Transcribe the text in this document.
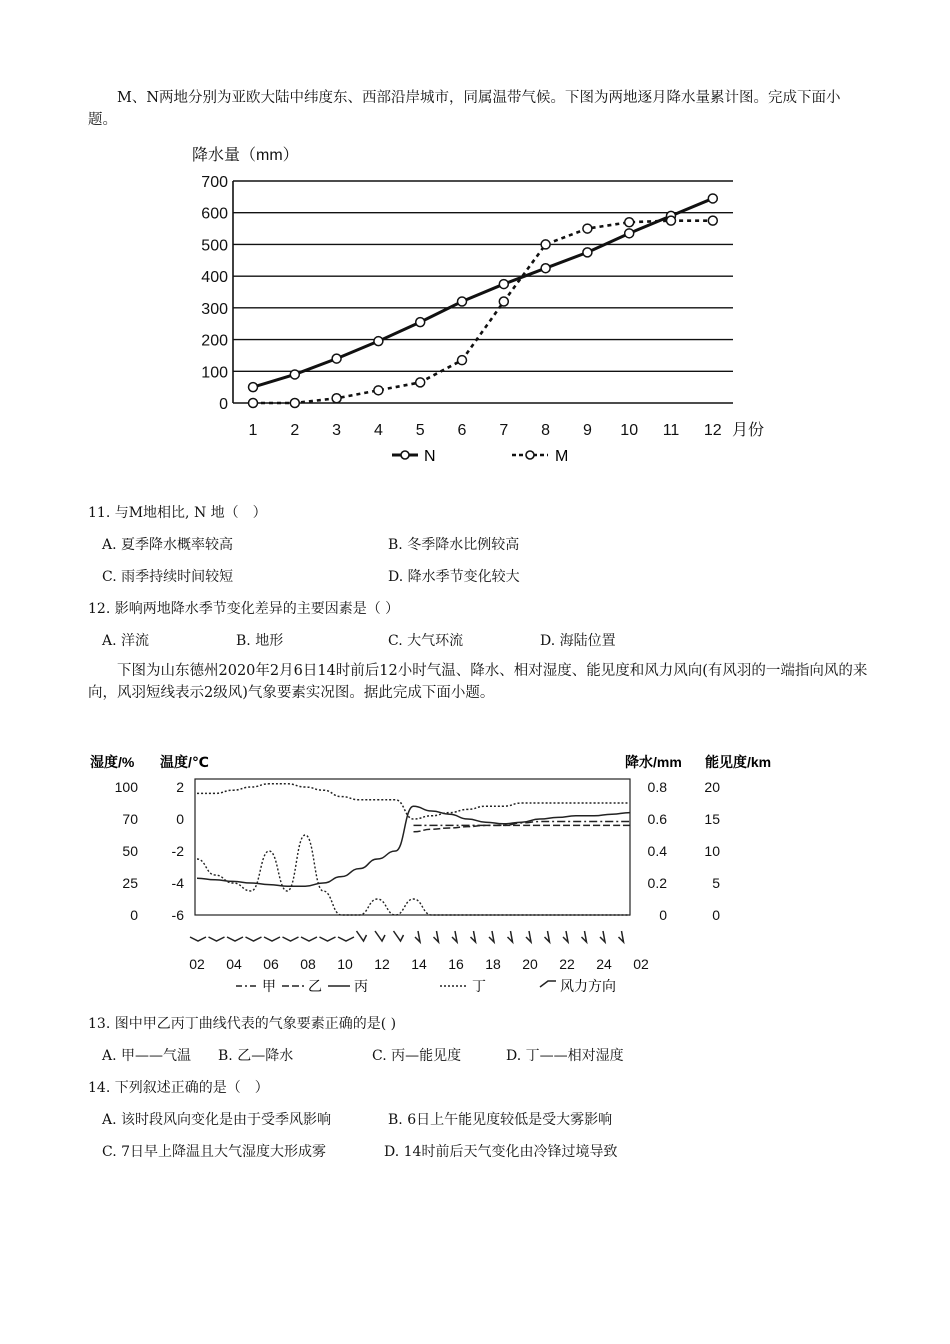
M、N两地分别为亚欧大陆中纬度东、西部沿岸城市，同属温带气候。下图为两地逐月降水量累计图。完成下面小题。
降水量（mm）
0
100
200
300
400
500
600
700
1 2 3 4 5 6 7 8 9 10 11 12 月份
N	M
11. 与M地相比, N 地（　）
A. 夏季降水概率较高	B. 冬季降水比例较高
C. 雨季持续时间较短	D. 降水季节变化较大
12. 影响两地降水季节变化差异的主要因素是（ ）
A. 洋流	B. 地形	C. 大气环流	D. 海陆位置
下图为山东德州2020年2月6日14时前后12小时气温、降水、相对湿度、能见度和风力风向(有风羽的一端指向风的来向，风羽短线表示2级风)气象要素实况图。据此完成下面小题。
湿度/% 温度/℃	降水/mm 能见度/km
100
70
50
25
0
2
0
-2
-4
-6
0.8
0.6
0.4
0.2
0
20
15
10
5
0
02 04 06 08 10 12 14 16 18 20 22 24 02
甲 乙 丙	丁	风力方向
13. 图中甲乙丙丁曲线代表的气象要素正确的是( )
A. 甲——气温 B. 乙—降水	C. 丙—能见度	D. 丁——相对湿度
14. 下列叙述正确的是（　）
A. 该时段风向变化是由于受季风影响	B. 6日上午能见度较低是受大雾影响
C. 7日早上降温且大气湿度大形成雾	D. 14时前后天气变化由冷锋过境导致
